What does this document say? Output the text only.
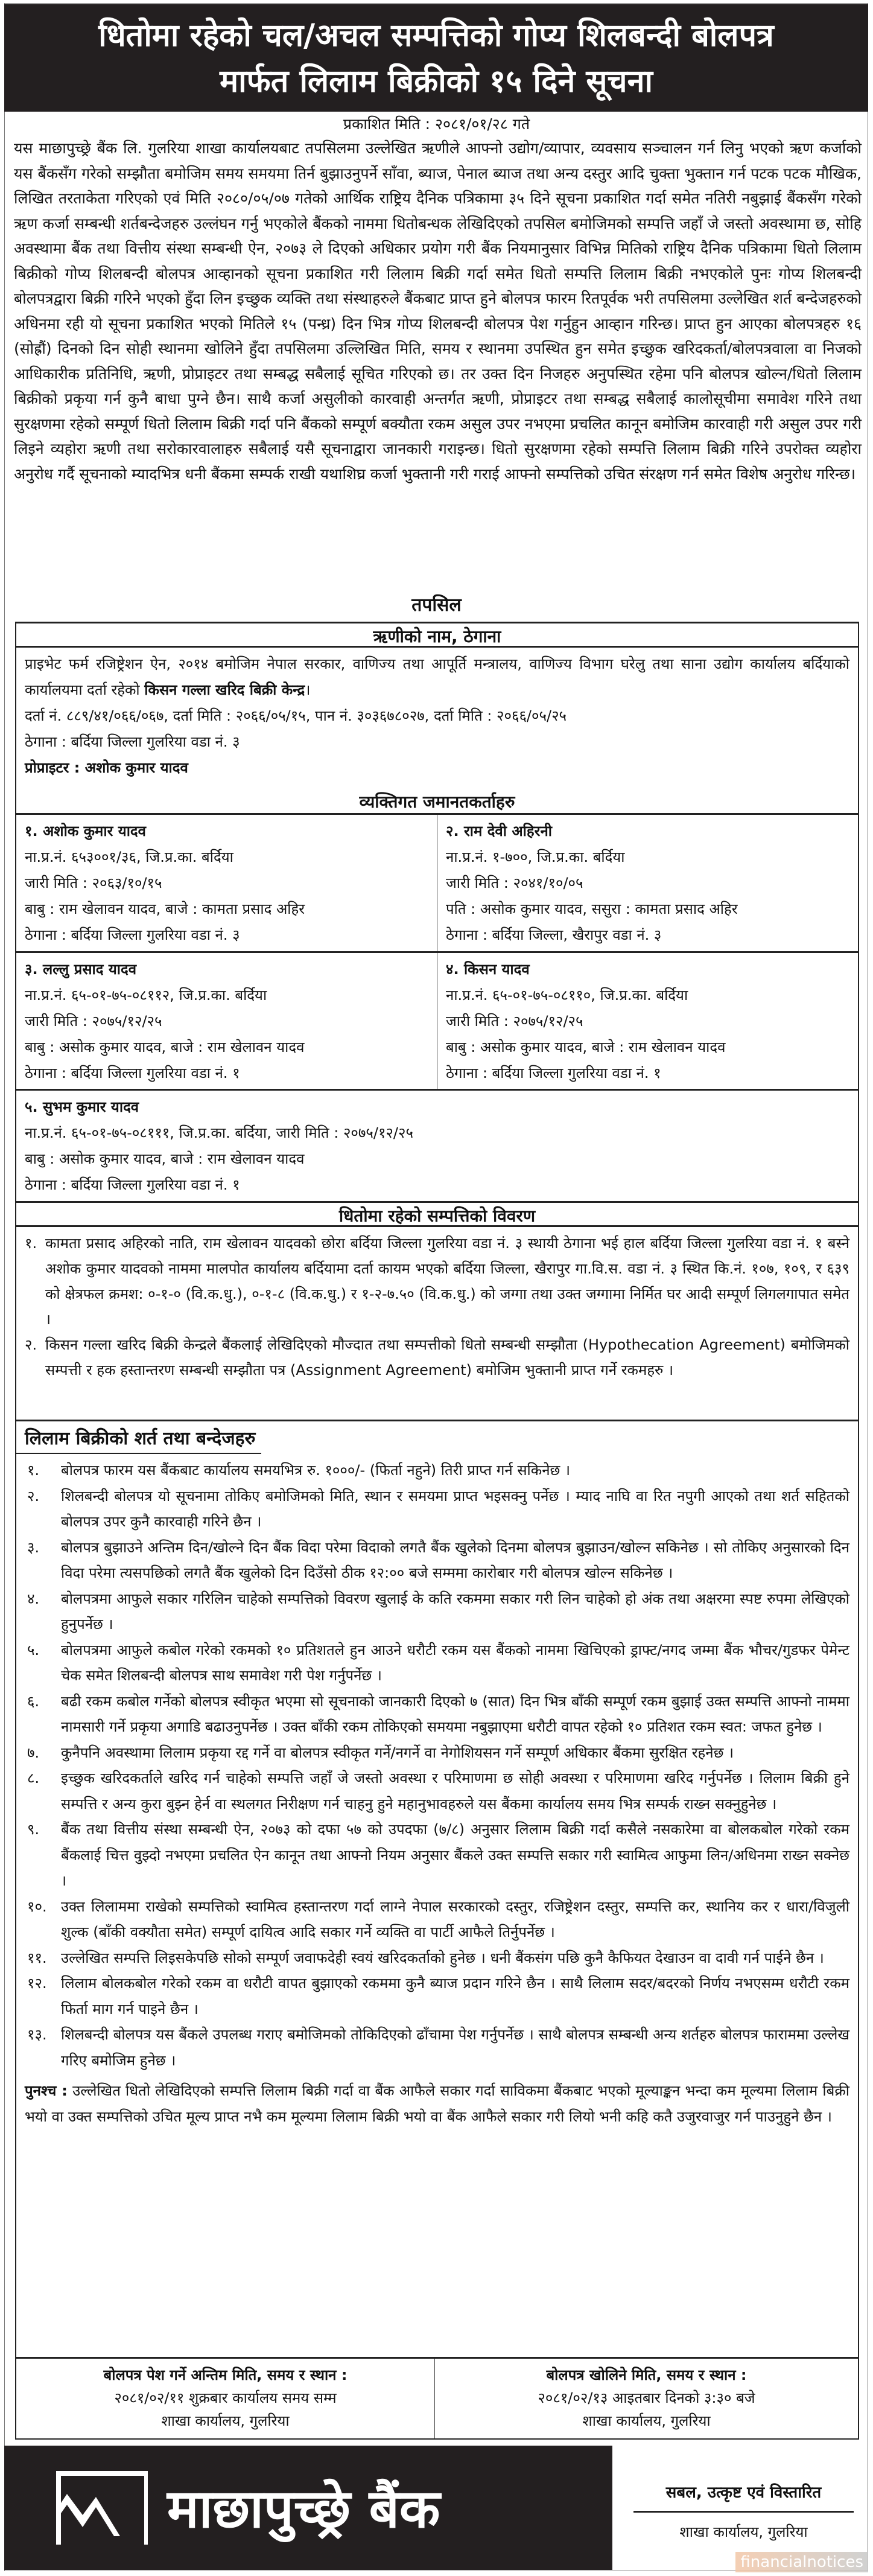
धितोमा रहेको चल/अचल सम्पत्तिको गोप्य शिलबन्दी बोलपत्र
मार्फत लिलाम बिक्रीको १५ दिने सूचना
प्रकाशित मिति : २०८१/०१/२८ गते
यस माछापुच्छ्रे बैंक लि. गुलरिया शाखा कार्यालयबाट तपसिलमा उल्लेखित ऋणीले आफ्नो उद्योग/व्यापार, व्यवसाय सञ्चालन गर्न लिनु भएको ऋण कर्जाको यस बैंकसँग गरेको सम्झौता बमोजिम समय समयमा तिर्न बुझाउनुपर्ने साँवा, ब्याज, पेनाल ब्याज तथा अन्य दस्तुर आदि चुक्ता भुक्तान गर्न पटक पटक मौखिक, लिखित तरताकेता गरिएको एवं मिति २०८०/०५/०७ गतेको आर्थिक राष्ट्रिय दैनिक पत्रिकामा ३५ दिने सूचना प्रकाशित गर्दा समेत नतिरी नबुझाई बैंकसँग गरेको ऋण कर्जा सम्बन्धी शर्तबन्देजहरु उल्लंघन गर्नु भएकोले बैंकको नाममा धितोबन्धक लेखिदिएको तपसिल बमोजिमको सम्पत्ति जहाँ जे जस्तो अवस्थामा छ, सोहि अवस्थामा बैंक तथा वित्तीय संस्था सम्बन्धी ऐन, २०७३ ले दिएको अधिकार प्रयोग गरी बैंक नियमानुसार विभिन्न मितिको राष्ट्रिय दैनिक पत्रिकामा धितो लिलाम बिक्रीको गोप्य शिलबन्दी बोलपत्र आव्हानको सूचना प्रकाशित गरी लिलाम बिक्री गर्दा समेत धितो सम्पत्ति लिलाम बिक्री नभएकोले पुनः गोप्य शिलबन्दी बोलपत्रद्वारा बिक्री गरिने भएको हुँदा लिन इच्छुक व्यक्ति तथा संस्थाहरुले बैंकबाट प्राप्त हुने बोलपत्र फारम रितपूर्वक भरी तपसिलमा उल्लेखित शर्त बन्देजहरुको अधिनमा रही यो सूचना प्रकाशित भएको मितिले १५ (पन्ध्र) दिन भित्र गोप्य शिलबन्दी बोलपत्र पेश गर्नुहुन आव्हान गरिन्छ। प्राप्त हुन आएका बोलपत्रहरु १६ (सोह्रौं) दिनको दिन सोही स्थानमा खोलिने हुँदा तपसिलमा उल्लिखित मिति, समय र स्थानमा उपस्थित हुन समेत इच्छुक खरिदकर्ता/बोलपत्रवाला वा निजको आधिकारीक प्रतिनिधि, ऋणी, प्रोप्राइटर तथा सम्बद्ध सबैलाई सूचित गरिएको छ। तर उक्त दिन निजहरु अनुपस्थित रहेमा पनि बोलपत्र खोल्न/धितो लिलाम बिक्रीको प्रकृया गर्न कुनै बाधा पुग्ने छैन। साथै कर्जा असुलीको कारवाही अन्तर्गत ऋणी, प्रोप्राइटर तथा सम्बद्ध सबैलाई कालोसूचीमा समावेश गरिने तथा सुरक्षणमा रहेको सम्पूर्ण धितो लिलाम बिक्री गर्दा पनि बैंकको सम्पूर्ण बक्यौता रकम असुल उपर नभएमा प्रचलित कानून बमोजिम कारवाही गरी असुल उपर गरी लिइने व्यहोरा ऋणी तथा सरोकारवालाहरु सबैलाई यसै सूचनाद्वारा जानकारी गराइन्छ। धितो सुरक्षणमा रहेको सम्पत्ति लिलाम बिक्री गरिने उपरोक्त व्यहोरा अनुरोध गर्दै सूचनाको म्यादभित्र धनी बैंकमा सम्पर्क राखी यथाशिघ्र कर्जा भुक्तानी गरी गराई आफ्नो सम्पत्तिको उचित संरक्षण गर्न समेत विशेष अनुरोध गरिन्छ।
तपसिल
ऋणीको नाम, ठेगाना
प्राइभेट फर्म रजिष्ट्रेशन ऐन, २०१४ बमोजिम नेपाल सरकार, वाणिज्य तथा आपूर्ति मन्त्रालय, वाणिज्य विभाग घरेलु तथा साना उद्योग कार्यालय बर्दियाको कार्यालयमा दर्ता रहेको किसन गल्ला खरिद बिक्री केन्द्र।
दर्ता नं. ८८९/४१/०६६/०६७, दर्ता मिति : २०६६/०५/१५, पान नं. ३०३६७८०२७, दर्ता मिति : २०६६/०५/२५
ठेगाना : बर्दिया जिल्ला गुलरिया वडा नं. ३
प्रोप्राइटर : अशोक कुमार यादव
व्यक्तिगत जमानतकर्ताहरु
१. अशोक कुमार यादव
ना.प्र.नं. ६५३००१/३६, जि.प्र.का. बर्दिया
जारी मिति : २०६३/१०/१५
बाबु : राम खेलावन यादव, बाजे : कामता प्रसाद अहिर
ठेगाना : बर्दिया जिल्ला गुलरिया वडा नं. ३
२. राम देवी अहिरनी
ना.प्र.नं. १-७००, जि.प्र.का. बर्दिया
जारी मिति : २०४१/१०/०५
पति : असोक कुमार यादव, ससुरा : कामता प्रसाद अहिर
ठेगाना : बर्दिया जिल्ला, खैरापुर वडा नं. ३
३. लल्लु प्रसाद यादव
ना.प्र.नं. ६५-०१-७५-०८११२, जि.प्र.का. बर्दिया
जारी मिति : २०७५/१२/२५
बाबु : असोक कुमार यादव, बाजे : राम खेलावन यादव
ठेगाना : बर्दिया जिल्ला गुलरिया वडा नं. १
४. किसन यादव
ना.प्र.नं. ६५-०१-७५-०८११०, जि.प्र.का. बर्दिया
जारी मिति : २०७५/१२/२५
बाबु : असोक कुमार यादव, बाजे : राम खेलावन यादव
ठेगाना : बर्दिया जिल्ला गुलरिया वडा नं. १
५. सुभम कुमार यादव
ना.प्र.नं. ६५-०१-७५-०८१११, जि.प्र.का. बर्दिया, जारी मिति : २०७५/१२/२५
बाबु : असोक कुमार यादव, बाजे : राम खेलावन यादव
ठेगाना : बर्दिया जिल्ला गुलरिया वडा नं. १
धितोमा रहेको सम्पत्तिको विवरण
१. कामता प्रसाद अहिरको नाति, राम खेलावन यादवको छोरा बर्दिया जिल्ला गुलरिया वडा नं. ३ स्थायी ठेगाना भई हाल बर्दिया जिल्ला गुलरिया वडा नं. १ बस्ने अशोक कुमार यादवको नाममा मालपोत कार्यालय बर्दियामा दर्ता कायम भएको बर्दिया जिल्ला, खैरापुर गा.वि.स. वडा नं. ३ स्थित कि.नं. १०७, १०९, र ६३९ को क्षेत्रफल क्रमश: ०-१-० (वि.क.धु.), ०-१-८ (वि.क.धु.) र १-२-७.५० (वि.क.धु.) को जग्गा तथा उक्त जग्गामा निर्मित घर आदी सम्पूर्ण लिगलगापात समेत ।
२. किसन गल्ला खरिद बिक्री केन्द्रले बैंकलाई लेखिदिएको मौज्दात तथा सम्पत्तीको धितो सम्बन्धी सम्झौता (Hypothecation Agreement) बमोजिमको सम्पत्ती र हक हस्तान्तरण सम्बन्धी सम्झौता पत्र (Assignment Agreement) बमोजिम भुक्तानी प्राप्त गर्ने रकमहरु ।
लिलाम बिक्रीको शर्त तथा बन्देजहरु
१.	बोलपत्र फारम यस बैंकबाट कार्यालय समयभित्र रु. १०००/- (फिर्ता नहुने) तिरी प्राप्त गर्न सकिनेछ ।
२.	शिलबन्दी बोलपत्र यो सूचनामा तोकिए बमोजिमको मिति, स्थान र समयमा प्राप्त भइसक्नु पर्नेछ । म्याद नाघि वा रित नपुगी आएको तथा शर्त सहितको बोलपत्र उपर कुनै कारवाही गरिने छैन ।
३.	बोलपत्र बुझाउने अन्तिम दिन/खोल्ने दिन बैंक विदा परेमा विदाको लगतै बैंक खुलेको दिनमा बोलपत्र बुझाउन/खोल्न सकिनेछ । सो तोकिए अनुसारको दिन विदा परेमा त्यसपछिको लगतै बैंक खुलेको दिन दिउँसो ठीक १२:०० बजे सम्ममा कारोबार गरी बोलपत्र खोल्न सकिनेछ ।
४.	बोलपत्रमा आफुले सकार गरिलिन चाहेको सम्पत्तिको विवरण खुलाई के कति रकममा सकार गरी लिन चाहेको हो अंक तथा अक्षरमा स्पष्ट रुपमा लेखिएको हुनुपर्नेछ ।
५.	बोलपत्रमा आफुले कबोल गरेको रकमको १० प्रतिशतले हुन आउने धरौटी रकम यस बैंकको नाममा खिचिएको ड्राफ्ट/नगद जम्मा बैंक भौचर/गुडफर पेमेन्ट चेक समेत शिलबन्दी बोलपत्र साथ समावेश गरी पेश गर्नुपर्नेछ ।
६.	बढी रकम कबोल गर्नेको बोलपत्र स्वीकृत भएमा सो सूचनाको जानकारी दिएको ७ (सात) दिन भित्र बाँकी सम्पूर्ण रकम बुझाई उक्त सम्पत्ति आफ्नो नाममा नामसारी गर्ने प्रकृया अगाडि बढाउनुपर्नेछ । उक्त बाँकी रकम तोकिएको समयमा नबुझाएमा धरौटी वापत रहेको १० प्रतिशत रकम स्वत: जफत हुनेछ ।
७.	कुनैपनि अवस्थामा लिलाम प्रकृया रद्द गर्ने वा बोलपत्र स्वीकृत गर्ने/नगर्ने वा नेगोशियसन गर्ने सम्पूर्ण अधिकार बैंकमा सुरक्षित रहनेछ ।
८.	इच्छुक खरिदकर्ताले खरिद गर्न चाहेको सम्पत्ति जहाँ जे जस्तो अवस्था र परिमाणमा छ सोही अवस्था र परिमाणमा खरिद गर्नुपर्नेछ । लिलाम बिक्री हुने सम्पत्ति र अन्य कुरा बुझ्न हेर्न वा स्थलगत निरीक्षण गर्न चाहनु हुने महानुभावहरुले यस बैंकमा कार्यालय समय भित्र सम्पर्क राख्न सक्नुहुनेछ ।
९.	बैंक तथा वित्तीय संस्था सम्बन्धी ऐन, २०७३ को दफा ५७ को उपदफा (७/८) अनुसार लिलाम बिक्री गर्दा कसैले नसकारेमा वा बोलकबोल गरेको रकम बैंकलाई चित्त वुझ्दो नभएमा प्रचलित ऐन कानून तथा आफ्नो नियम अनुसार बैंकले उक्त सम्पत्ति सकार गरी स्वामित्व आफुमा लिन/अधिनमा राख्न सक्नेछ ।
१०. उक्त लिलाममा राखेको सम्पत्तिको स्वामित्व हस्तान्तरण गर्दा लाग्ने नेपाल सरकारको दस्तुर, रजिष्ट्रेशन दस्तुर, सम्पत्ति कर, स्थानिय कर र धारा/विजुली शुल्क (बाँकी वक्यौता समेत) सम्पूर्ण दायित्व आदि सकार गर्ने व्यक्ति वा पार्टी आफैले तिर्नुपर्नेछ ।
११. उल्लेखित सम्पत्ति लिइसकेपछि सोको सम्पूर्ण जवाफदेही स्वयं खरिदकर्ताको हुनेछ । धनी बैंकसंग पछि कुनै कैफियत देखाउन वा दावी गर्न पाईने छैन ।
१२. लिलाम बोलकबोल गरेको रकम वा धरौटी वापत बुझाएको रकममा कुनै ब्याज प्रदान गरिने छैन । साथै लिलाम सदर/बदरको निर्णय नभएसम्म धरौटी रकम फिर्ता माग गर्न पाइने छैन ।
१३. शिलबन्दी बोलपत्र यस बैंकले उपलब्ध गराए बमोजिमको तोकिदिएको ढाँचामा पेश गर्नुपर्नेछ । साथै बोलपत्र सम्बन्धी अन्य शर्तहरु बोलपत्र फाराममा उल्लेख गरिए बमोजिम हुनेछ ।
पुनश्च : उल्लेखित धितो लेखिदिएको सम्पत्ति लिलाम बिक्री गर्दा वा बैंक आफैले सकार गर्दा साविकमा बैंकबाट भएको मूल्याङ्कन भन्दा कम मूल्यमा लिलाम बिक्री भयो वा उक्त सम्पत्तिको उचित मूल्य प्राप्त नभै कम मूल्यमा लिलाम बिक्री भयो वा बैंक आफैले सकार गरी लियो भनी कहि कतै उजुरवाजुर गर्न पाउनुहुने छैन ।
बोलपत्र पेश गर्ने अन्तिम मिति, समय र स्थान :
२०८१/०२/११ शुक्रबार कार्यालय समय सम्म
शाखा कार्यालय, गुलरिया
बोलपत्र खोलिने मिति, समय र स्थान :
२०८१/०२/१३ आइतबार दिनको ३:३० बजे
शाखा कार्यालय, गुलरिया
माछापुच्छ्रे बैंक	सबल, उत्कृष्ट एवं विस्तारित
शाखा कार्यालय, गुलरिया
financialnotices
